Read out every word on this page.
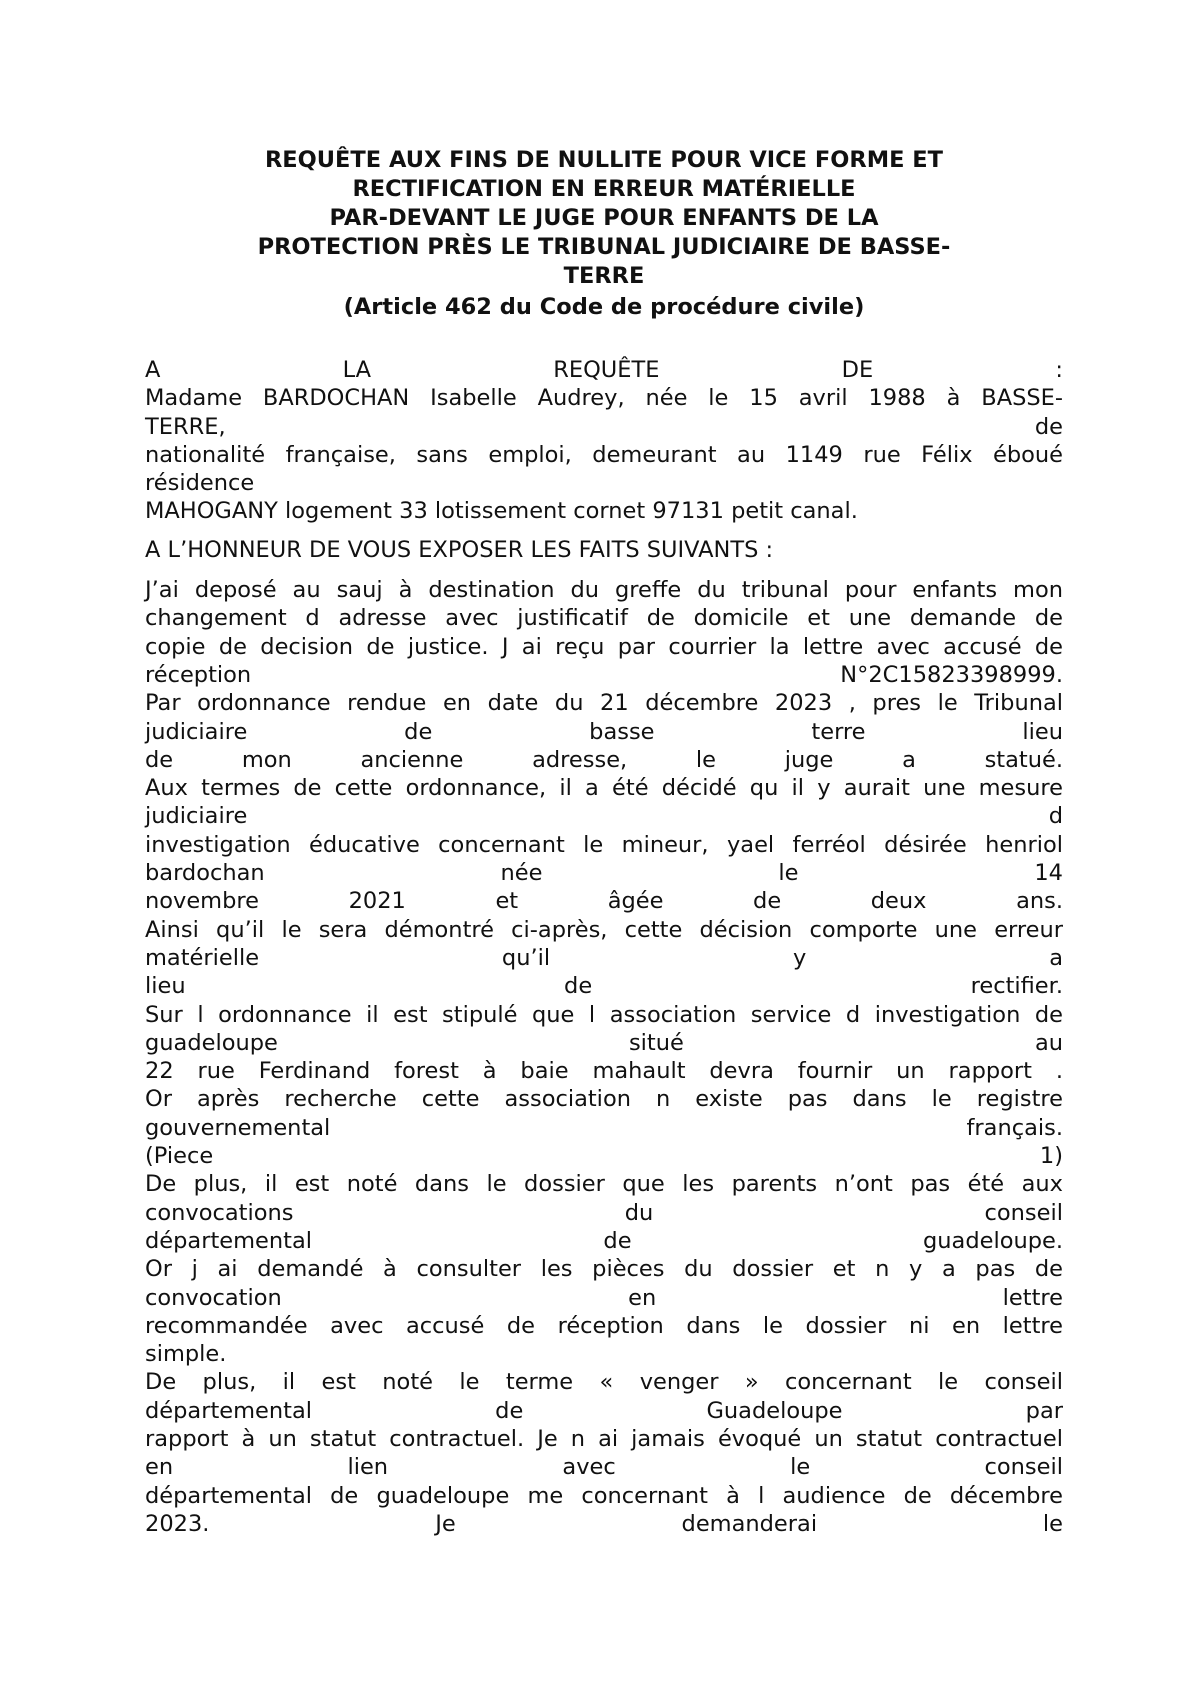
REQUÊTE AUX FINS DE NULLITE POUR VICE FORME ET
RECTIFICATION EN ERREUR MATÉRIELLE
PAR-DEVANT LE JUGE POUR ENFANTS DE LA
PROTECTION PRÈS LE TRIBUNAL JUDICIAIRE DE BASSE-
TERRE
(Article 462 du Code de procédure civile)
A LA REQUÊTE DE :
Madame BARDOCHAN Isabelle Audrey, née le 15 avril 1988 à BASSE-
TERRE, de
nationalité française, sans emploi, demeurant au 1149 rue Félix éboué
résidence
MAHOGANY logement 33 lotissement cornet 97131 petit canal.
A L’HONNEUR DE VOUS EXPOSER LES FAITS SUIVANTS :
J’ai deposé au sauj à destination du greffe du tribunal pour enfants mon
changement d adresse avec justificatif de domicile et une demande de
copie de decision de justice. J ai reçu par courrier la lettre avec accusé de
réception N°2C15823398999.
Par ordonnance rendue en date du 21 décembre 2023 , pres le Tribunal
judiciaire de basse terre lieu
de mon ancienne adresse, le juge a statué.
Aux termes de cette ordonnance, il a été décidé qu il y aurait une mesure
judiciaire d
investigation éducative concernant le mineur, yael ferréol désirée henriol
bardochan née le 14
novembre 2021 et âgée de deux ans.
Ainsi qu’il le sera démontré ci-après, cette décision comporte une erreur
matérielle qu’il y a
lieu de rectifier.
Sur l ordonnance il est stipulé que l association service d investigation de
guadeloupe situé au
22 rue Ferdinand forest à baie mahault devra fournir un rapport .
Or après recherche cette association n existe pas dans le registre
gouvernemental français.
(Piece 1)
De plus, il est noté dans le dossier que les parents n’ont pas été aux
convocations du conseil
départemental de guadeloupe.
Or j ai demandé à consulter les pièces du dossier et n y a pas de
convocation en lettre
recommandée avec accusé de réception dans le dossier ni en lettre
simple.
De plus, il est noté le terme « venger » concernant le conseil
départemental de Guadeloupe par
rapport à un statut contractuel. Je n ai jamais évoqué un statut contractuel
en lien avec le conseil
départemental de guadeloupe me concernant à l audience de décembre
2023. Je demanderai le
